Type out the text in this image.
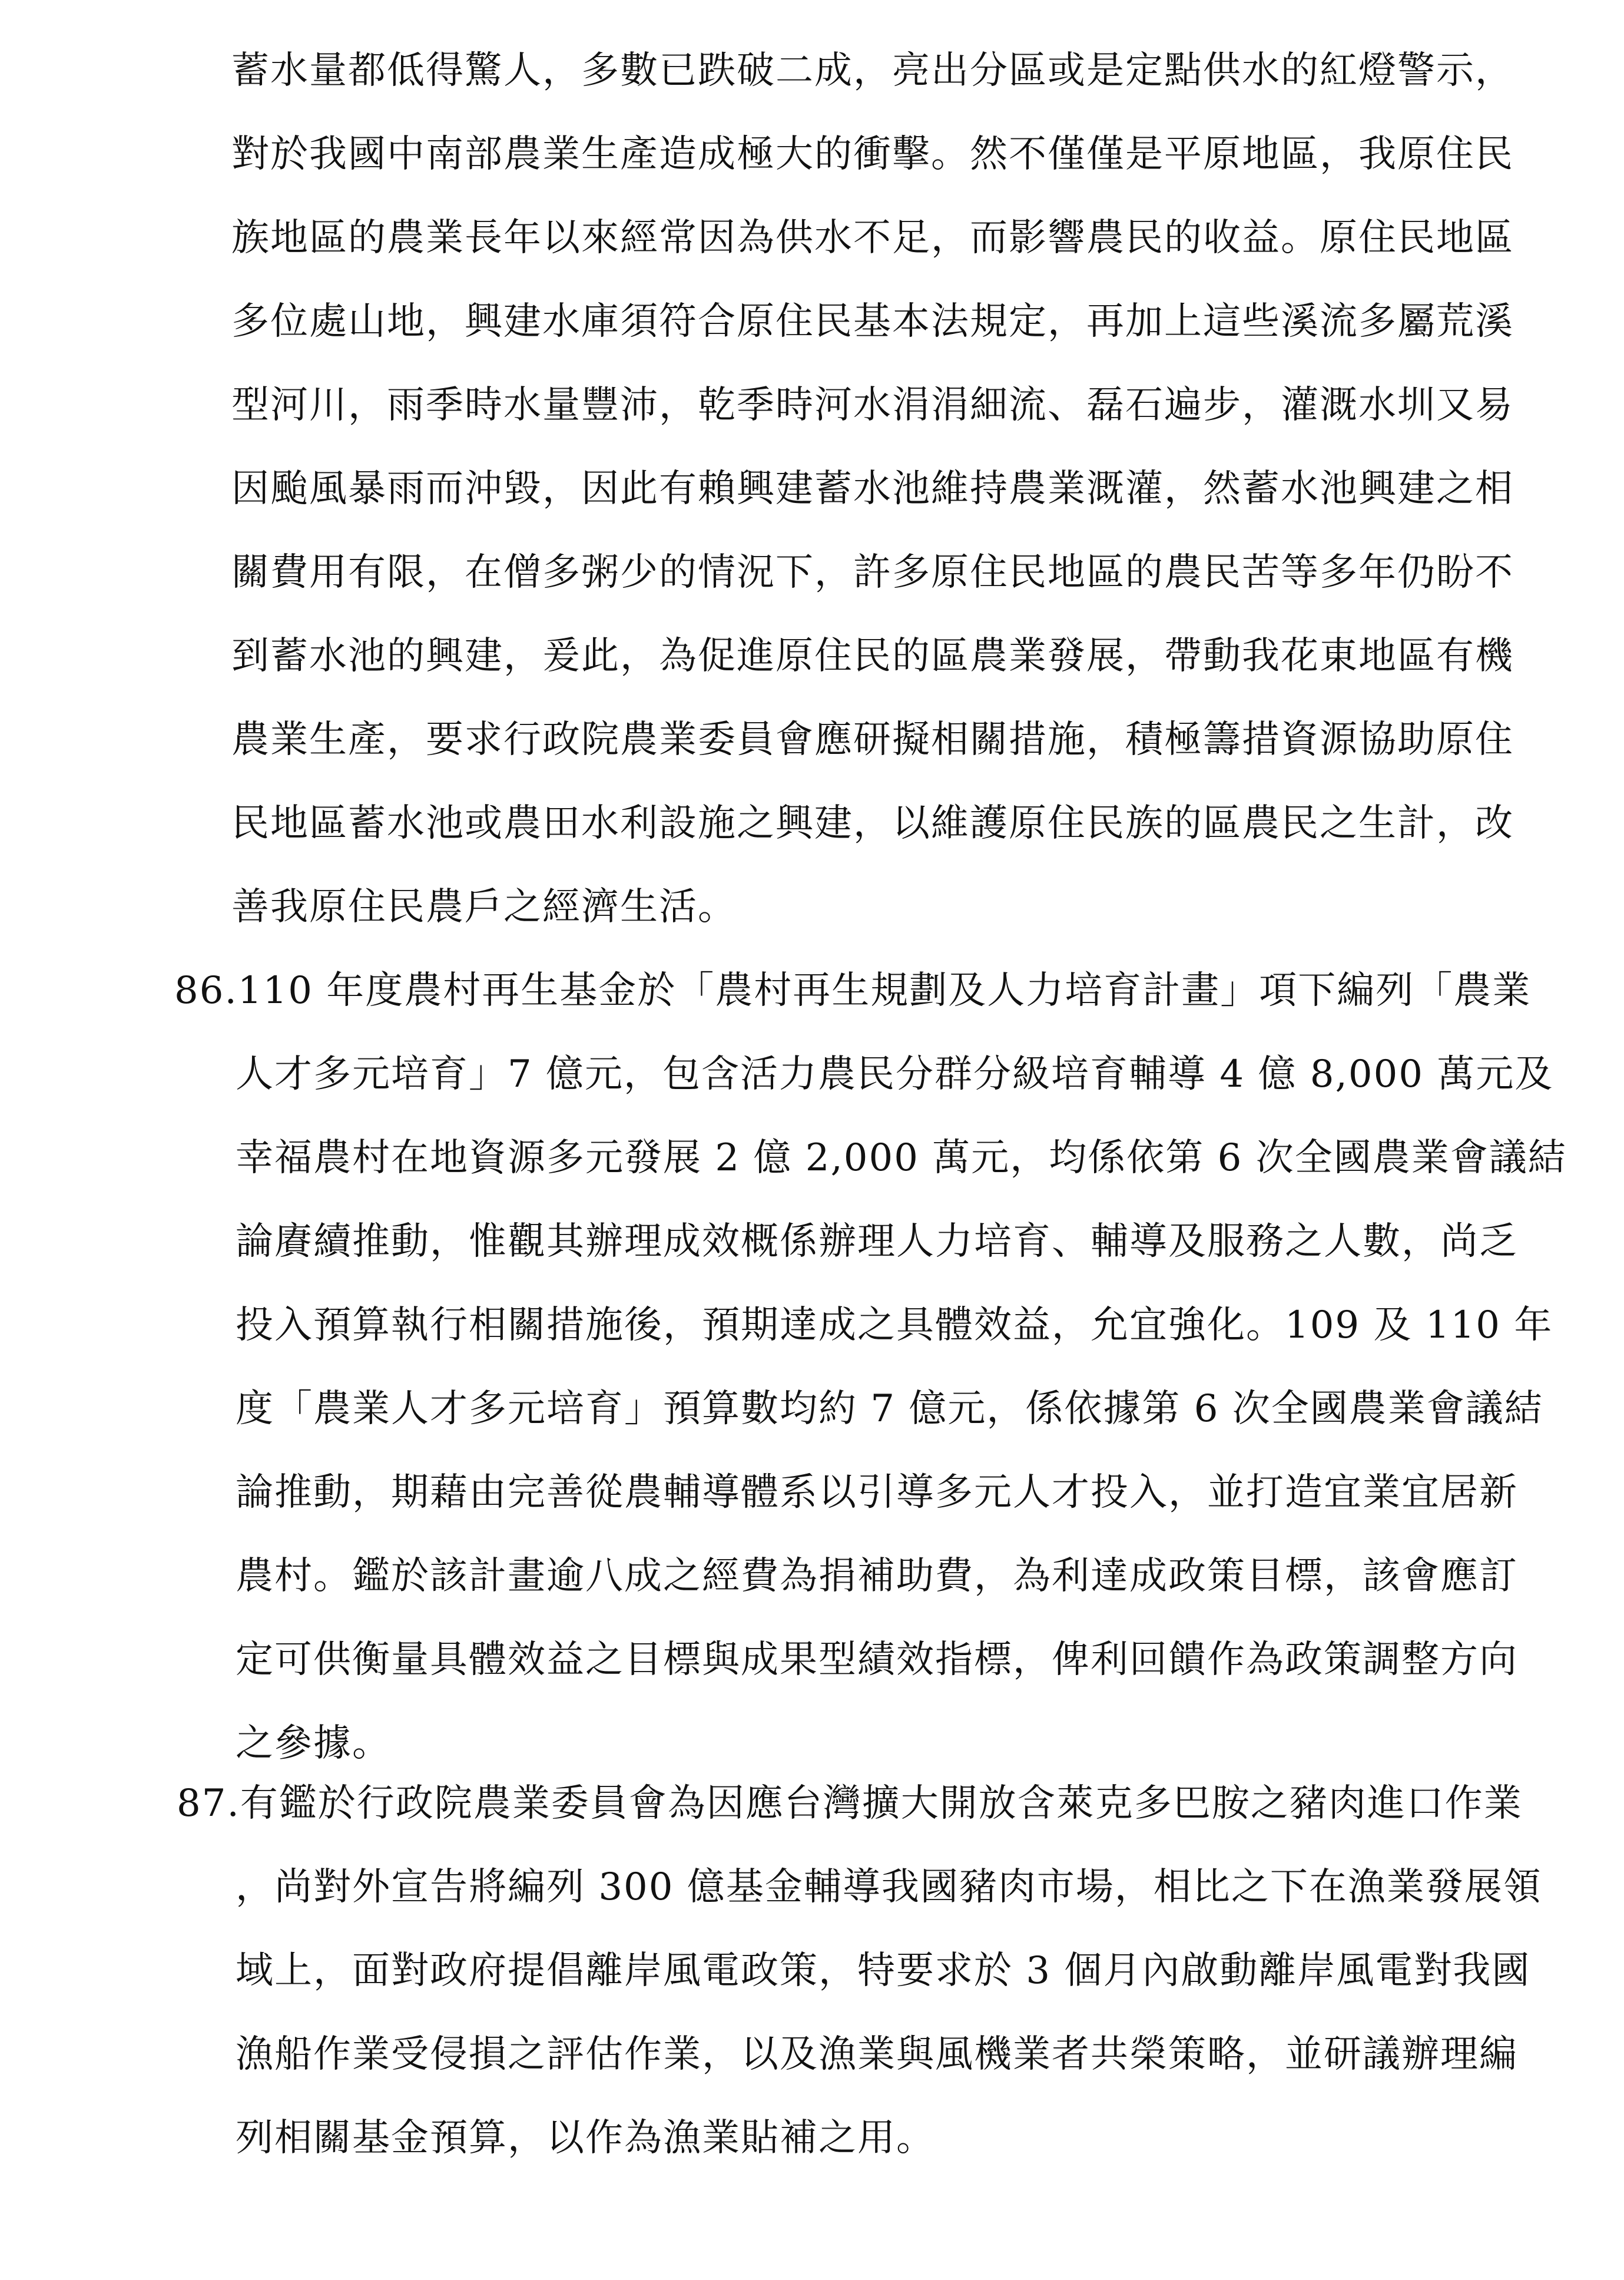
蓄水量都低得驚人，多數已跌破二成，亮出分區或是定點供水的紅燈警示，
對於我國中南部農業生產造成極大的衝擊。然不僅僅是平原地區，我原住民
族地區的農業長年以來經常因為供水不足，而影響農民的收益。原住民地區
多位處山地，興建水庫須符合原住民基本法規定，再加上這些溪流多屬荒溪
型河川，雨季時水量豐沛，乾季時河水涓涓細流、磊石遍步，灌溉水圳又易
因颱風暴雨而沖毀，因此有賴興建蓄水池維持農業溉灌，然蓄水池興建之相
關費用有限，在僧多粥少的情況下，許多原住民地區的農民苦等多年仍盼不
到蓄水池的興建，爰此，為促進原住民的區農業發展，帶動我花東地區有機
農業生產，要求行政院農業委員會應研擬相關措施，積極籌措資源協助原住
民地區蓄水池或農田水利設施之興建，以維護原住民族的區農民之生計，改
善我原住民農戶之經濟生活。
86.110 年度農村再生基金於「農村再生規劃及人力培育計畫」項下編列「農業
人才多元培育」7 億元，包含活力農民分群分級培育輔導 4 億 8,000 萬元及
幸福農村在地資源多元發展 2 億 2,000 萬元，均係依第 6 次全國農業會議結
論賡續推動，惟觀其辦理成效概係辦理人力培育、輔導及服務之人數，尚乏
投入預算執行相關措施後，預期達成之具體效益，允宜強化。109 及 110 年
度「農業人才多元培育」預算數均約 7 億元，係依據第 6 次全國農業會議結
論推動，期藉由完善從農輔導體系以引導多元人才投入，並打造宜業宜居新
農村。鑑於該計畫逾八成之經費為捐補助費，為利達成政策目標，該會應訂
定可供衡量具體效益之目標與成果型績效指標，俾利回饋作為政策調整方向
之參據。
87.有鑑於行政院農業委員會為因應台灣擴大開放含萊克多巴胺之豬肉進口作業
，尚對外宣告將編列 300 億基金輔導我國豬肉市場，相比之下在漁業發展領
域上，面對政府提倡離岸風電政策，特要求於 3 個月內啟動離岸風電對我國
漁船作業受侵損之評估作業，以及漁業與風機業者共榮策略，並研議辦理編
列相關基金預算，以作為漁業貼補之用。
